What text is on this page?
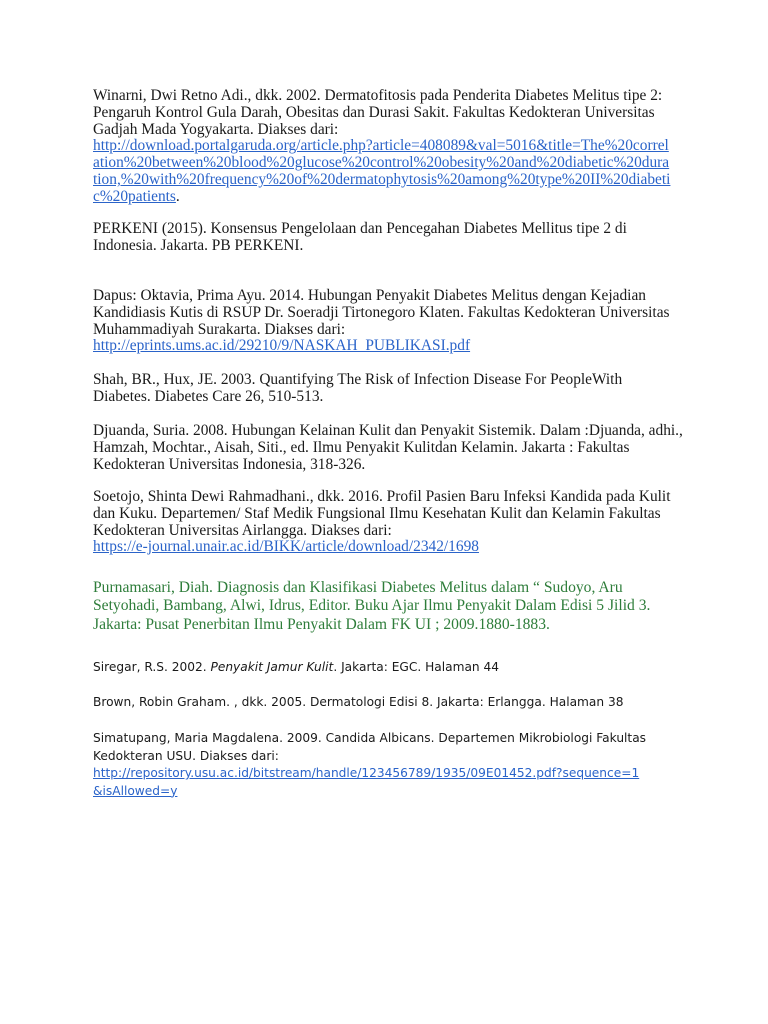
Winarni, Dwi Retno Adi., dkk. 2002. Dermatofitosis pada Penderita Diabetes Melitus tipe 2: Pengaruh Kontrol Gula Darah, Obesitas dan Durasi Sakit. Fakultas Kedokteran Universitas Gadjah Mada Yogyakarta. Diakses dari:

http://download.portalgaruda.org/article.php?article=408089&val=5016&title=The%20correl
ation%20between%20blood%20glucose%20control%20obesity%20and%20diabetic%20dura
tion,%20with%20frequency%20of%20dermatophytosis%20among%20type%20II%20diabeti
c%20patients.
PERKENI (2015). Konsensus Pengelolaan dan Pencegahan Diabetes Mellitus tipe 2 di Indonesia. Jakarta. PB PERKENI.
Dapus: Oktavia, Prima Ayu. 2014. Hubungan Penyakit Diabetes Melitus dengan Kejadian Kandidiasis Kutis di RSUP Dr. Soeradji Tirtonegoro Klaten. Fakultas Kedokteran Universitas Muhammadiyah Surakarta. Diakses dari:
http://eprints.ums.ac.id/29210/9/NASKAH_PUBLIKASI.pdf
Shah, BR., Hux, JE. 2003. Quantifying The Risk of Infection Disease For PeopleWith Diabetes. Diabetes Care 26, 510-513.
Djuanda, Suria. 2008. Hubungan Kelainan Kulit dan Penyakit Sistemik. Dalam :Djuanda, adhi., Hamzah, Mochtar., Aisah, Siti., ed. Ilmu Penyakit Kulitdan Kelamin. Jakarta : Fakultas Kedokteran Universitas Indonesia, 318-326.
Soetojo, Shinta Dewi Rahmadhani., dkk. 2016. Profil Pasien Baru Infeksi Kandida pada Kulit dan Kuku. Departemen/ Staf Medik Fungsional Ilmu Kesehatan Kulit dan Kelamin Fakultas Kedokteran Universitas Airlangga. Diakses dari:
https://e-journal.unair.ac.id/BIKK/article/download/2342/1698
Purnamasari, Diah. Diagnosis dan Klasifikasi Diabetes Melitus dalam “ Sudoyo, Aru
Setyohadi, Bambang, Alwi, Idrus, Editor. Buku Ajar Ilmu Penyakit Dalam Edisi 5 Jilid 3.
Jakarta: Pusat Penerbitan Ilmu Penyakit Dalam FK UI ; 2009.1880-1883.
Siregar, R.S. 2002. Penyakit Jamur Kulit. Jakarta: EGC. Halaman 44
Brown, Robin Graham. , dkk. 2005. Dermatologi Edisi 8. Jakarta: Erlangga. Halaman 38
Simatupang, Maria Magdalena. 2009. Candida Albicans. Departemen Mikrobiologi Fakultas Kedokteran USU. Diakses dari:

http://repository.usu.ac.id/bitstream/handle/123456789/1935/09E01452.pdf?sequence=1
&isAllowed=y
